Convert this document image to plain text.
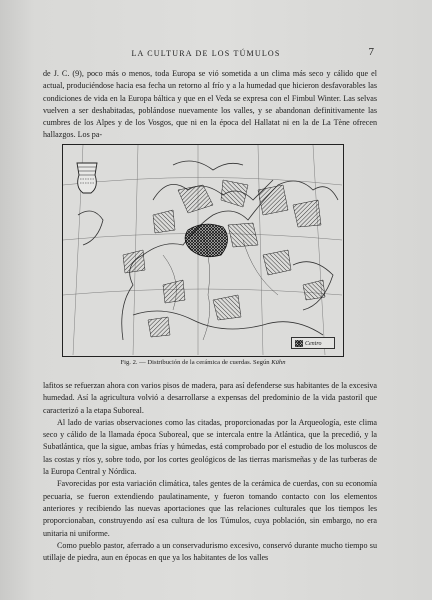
LA CULTURA DE LOS TÚMULOS	7

de J. C. (9), poco más o menos, toda Europa se vió sometida a un clima más seco y cálido que el actual, produciéndose hacia esa fecha un retorno al frío y a la humedad que hicieron desfavorables las condiciones de vida en la Europa báltica y que en el Veda se expresa con el Fimbul Winter. Las selvas vuelven a ser deshabitadas, poblándose nuevamente los valles, y se abandonan definitivamente las cumbres de los Alpes y de los Vosgos, que ni en la época del Hallatat ni en la de La Tène ofrecen hallazgos. Los pa-

Centro
Fig. 2. — Distribución de la cerámica de cuerdas. Según Kühn

lafitos se refuerzan ahora con varios pisos de madera, para así defenderse sus habitantes de la excesiva humedad. Así la agricultura volvió a desarrollarse a expensas del predominio de la vida pastoril que caracterizó a la etapa Suboreal.

Al lado de varias observaciones como las citadas, proporcionadas por la Arqueología, este clima seco y cálido de la llamada época Suboreal, que se intercala entre la Atlántica, que la precedió, y la Subatlántica, que la sigue, ambas frías y húmedas, está comprobado por el estudio de los moluscos de las costas y ríos y, sobre todo, por los cortes geológicos de las tierras marismeñas y de las turberas de la Europa Central y Nórdica.

Favorecidas por esta variación climática, tales gentes de la cerámica de cuerdas, con su economía pecuaria, se fueron extendiendo paulatinamente, y fueron tomando contacto con los elementos anteriores y recibiendo las nuevas aportaciones que las relaciones culturales que los tiempos les proporcionaban, construyendo así esa cultura de los Túmulos, cuya población, sin embargo, no era unitaria ni uniforme.

Como pueblo pastor, aferrado a un conservadurismo excesivo, conservó durante mucho tiempo su utillaje de piedra, aun en épocas en que ya los habitantes de los valles
